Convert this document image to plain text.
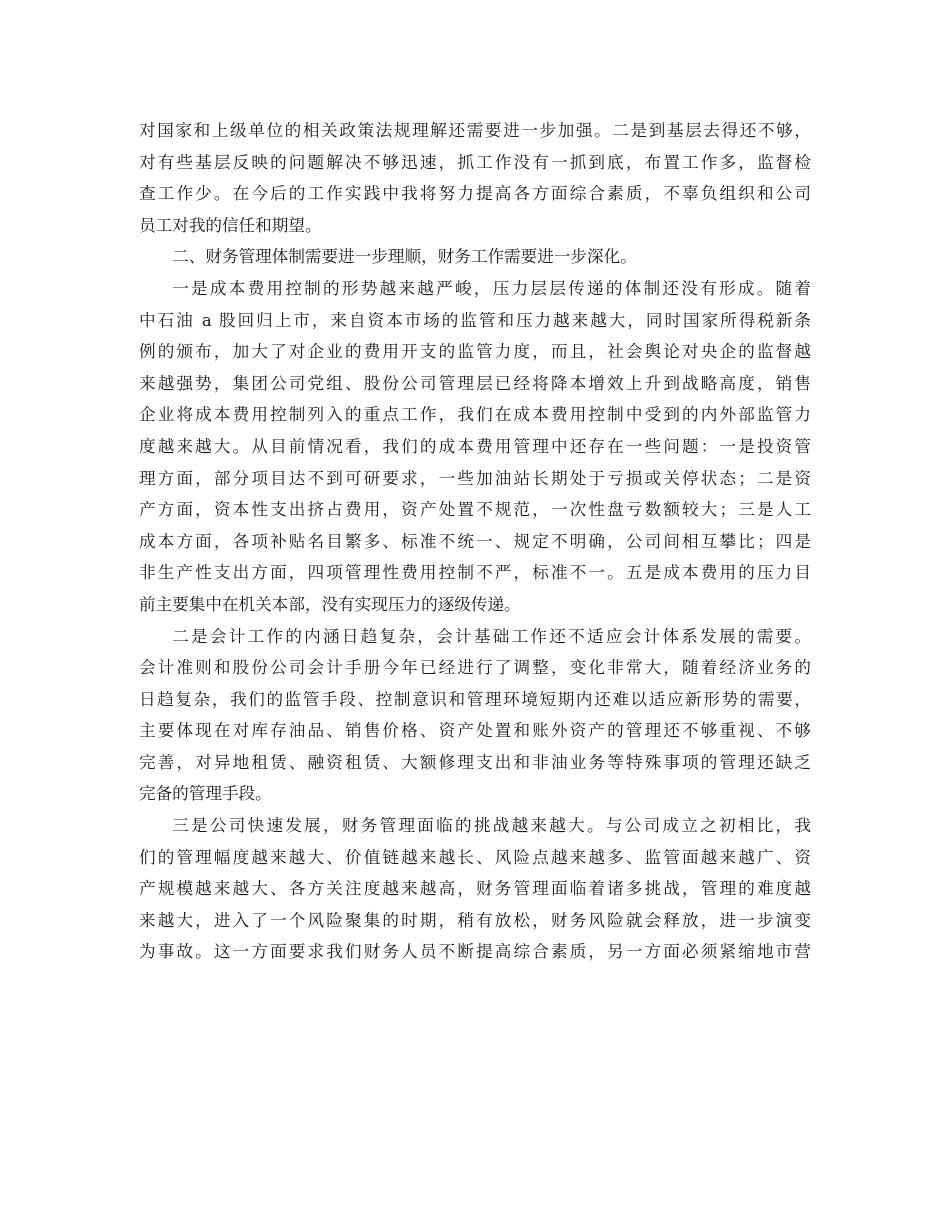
对国家和上级单位的相关政策法规理解还需要进一步加强。二是到基层去得还不够，
对有些基层反映的问题解决不够迅速，抓工作没有一抓到底，布置工作多，监督检
查工作少。在今后的工作实践中我将努力提高各方面综合素质，不辜负组织和公司
员工对我的信任和期望。
二、财务管理体制需要进一步理顺，财务工作需要进一步深化。
一是成本费用控制的形势越来越严峻，压力层层传递的体制还没有形成。随着
中石油 a 股回归上市，来自资本市场的监管和压力越来越大，同时国家所得税新条
例的颁布，加大了对企业的费用开支的监管力度，而且，社会舆论对央企的监督越
来越强势，集团公司党组、股份公司管理层已经将降本增效上升到战略高度，销售
企业将成本费用控制列入的重点工作，我们在成本费用控制中受到的内外部监管力
度越来越大。从目前情况看，我们的成本费用管理中还存在一些问题：一是投资管
理方面，部分项目达不到可研要求，一些加油站长期处于亏损或关停状态；二是资
产方面，资本性支出挤占费用，资产处置不规范，一次性盘亏数额较大；三是人工
成本方面，各项补贴名目繁多、标准不统一、规定不明确，公司间相互攀比；四是
非生产性支出方面，四项管理性费用控制不严，标准不一。五是成本费用的压力目
前主要集中在机关本部，没有实现压力的逐级传递。
二是会计工作的内涵日趋复杂，会计基础工作还不适应会计体系发展的需要。
会计准则和股份公司会计手册今年已经进行了调整，变化非常大，随着经济业务的
日趋复杂，我们的监管手段、控制意识和管理环境短期内还难以适应新形势的需要，
主要体现在对库存油品、销售价格、资产处置和账外资产的管理还不够重视、不够
完善，对异地租赁、融资租赁、大额修理支出和非油业务等特殊事项的管理还缺乏
完备的管理手段。
三是公司快速发展，财务管理面临的挑战越来越大。与公司成立之初相比，我
们的管理幅度越来越大、价值链越来越长、风险点越来越多、监管面越来越广、资
产规模越来越大、各方关注度越来越高，财务管理面临着诸多挑战，管理的难度越
来越大，进入了一个风险聚集的时期，稍有放松，财务风险就会释放，进一步演变
为事故。这一方面要求我们财务人员不断提高综合素质，另一方面必须紧缩地市营
